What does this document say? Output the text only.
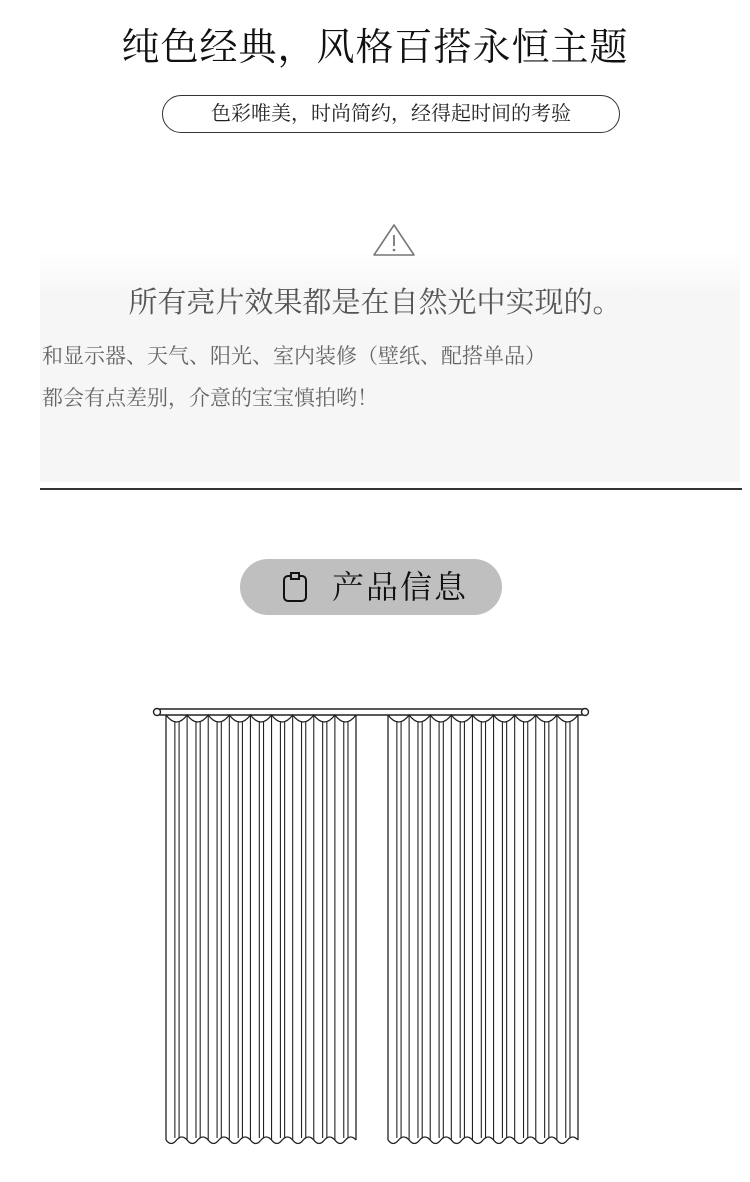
纯色经典，风格百搭永恒主题
色彩唯美，时尚简约，经得起时间的考验
所有亮片效果都是在自然光中实现的。
和显示器、天气、阳光、室内装修（壁纸、配搭单品）
都会有点差别，介意的宝宝慎拍哟！
产品信息
